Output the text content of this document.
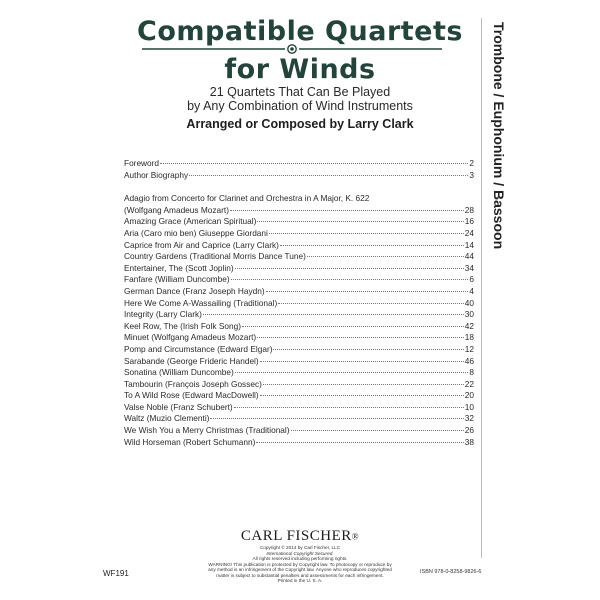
Compatible Quartets
for Winds
21 Quartets That Can Be Played
by Any Combination of Wind Instruments
Arranged or Composed by Larry Clark	Trombone / Euphonium / Bassoon
Foreword	2
Author Biography	3
Adagio from Concerto for Clarinet and Orchestra in A Major, K. 622
(Wolfgang Amadeus Mozart)	28
Amazing Grace (American Spiritual)	16
Aria (Caro mio ben) Giuseppe Giordani	24
Caprice from Air and Caprice (Larry Clark)	14
Country Gardens (Traditional Morris Dance Tune)	44
Entertainer, The (Scott Joplin)	34
Fanfare (William Duncombe)	6
German Dance (Franz Joseph Haydn)	4
Here We Come A-Wassailing (Traditional)	40
Integrity (Larry Clark)	30
Keel Row, The (Irish Folk Song)	42
Minuet (Wolfgang Amadeus Mozart)	18
Pomp and Circumstance (Edward Elgar)	12
Sarabande (George Frideric Handel)	46
Sonatina (William Duncombe)	8
Tambourin (François Joseph Gossec)	22
To A Wild Rose (Edward MacDowell)	20
Valse Noble (Franz Schubert)	10
Waltz (Muzio Clementi)	32
We Wish You a Merry Christmas (Traditional)	26
Wild Horseman (Robert Schumann)	38
CARL FISCHER®
Copyright © 2014 by Carl Fischer, LLC
International Copyright Secured.
All rights reserved including performing rights.
WARNING! This publication is protected by Copyright law. To photocopy or reproduce by
any method is an infringement of the Copyright law. Anyone who reproduces copyrighted
matter is subject to substantial penalties and assessments for each infringement.
Printed in the U. S. A.
WF191	ISBN 978-0-8258-9826-6
